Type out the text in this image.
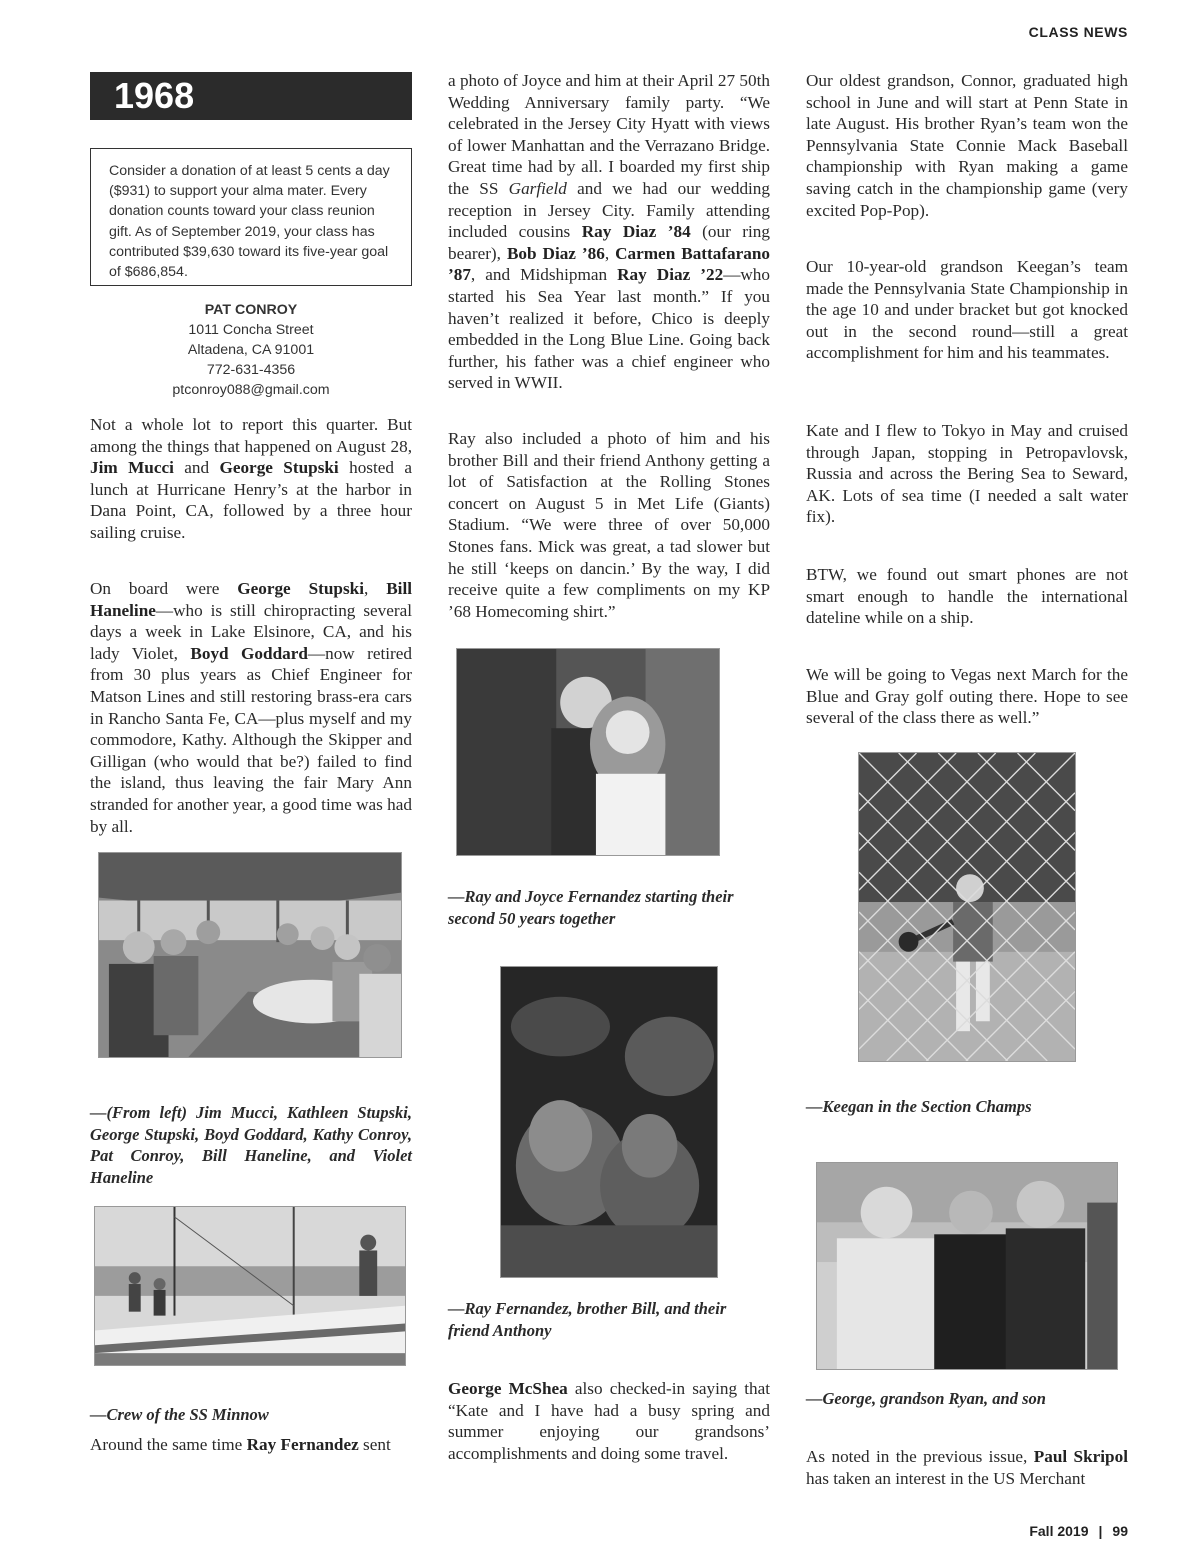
CLASS NEWS
1968
Consider a donation of at least 5 cents a day ($931) to support your alma mater. Every donation counts toward your class reunion gift. As of September 2019, your class has contributed $39,630 toward its five-year goal of $686,854.
PAT CONROY
1011 Concha Street
Altadena, CA 91001
772-631-4356
ptconroy088@gmail.com

Not a whole lot to report this quarter. But among the things that happened on August 28, Jim Mucci and George Stupski hosted a lunch at Hurricane Henry’s at the harbor in Dana Point, CA, followed by a three hour sailing cruise.

On board were George Stupski, Bill Haneline—who is still chiropracting several days a week in Lake Elsinore, CA, and his lady Violet, Boyd Goddard—now retired from 30 plus years as Chief Engineer for Matson Lines and still restoring brass-era cars in Rancho Santa Fe, CA—plus myself and my commodore, Kathy. Although the Skipper and Gilligan (who would that be?) failed to find the island, thus leaving the fair Mary Ann stranded for another year, a good time was had by all.

—(From left) Jim Mucci, Kathleen Stupski, George Stupski, Boyd Goddard, Kathy Conroy, Pat Conroy, Bill Haneline, and Violet Haneline
—Crew of the SS Minnow

Around the same time Ray Fernandez sent

a photo of Joyce and him at their April 27 50th Wedding Anniversary family party. “We celebrated in the Jersey City Hyatt with views of lower Manhattan and the Verrazano Bridge. Great time had by all. I boarded my first ship the SS Garfield and we had our wedding reception in Jersey City. Family attending included cousins Ray Diaz ’84 (our ring bearer), Bob Diaz ’86, Carmen Battafarano ’87, and Midshipman Ray Diaz ’22—who started his Sea Year last month.” If you haven’t realized it before, Chico is deeply embedded in the Long Blue Line. Going back further, his father was a chief engineer who served in WWII.

Ray also included a photo of him and his brother Bill and their friend Anthony getting a lot of Satisfaction at the Rolling Stones concert on August 5 in Met Life (Giants) Stadium. “We were three of over 50,000 Stones fans. Mick was great, a tad slower but he still ‘keeps on dancin.’ By the way, I did receive quite a few compliments on my KP ’68 Homecoming shirt.”

—Ray and Joyce Fernandez starting their second 50 years together
—Ray Fernandez, brother Bill, and their friend Anthony

George McShea also checked-in saying that “Kate and I have had a busy spring and summer enjoying our grandsons’ accomplishments and doing some travel.

Our oldest grandson, Connor, graduated high school in June and will start at Penn State in late August. His brother Ryan’s team won the Pennsylvania State Connie Mack Baseball championship with Ryan making a game saving catch in the championship game (very excited Pop-Pop).

Our 10-year-old grandson Keegan’s team made the Pennsylvania State Championship in the age 10 and under bracket but got knocked out in the second round—still a great accomplishment for him and his teammates.

Kate and I flew to Tokyo in May and cruised through Japan, stopping in Petropavlovsk, Russia and across the Bering Sea to Seward, AK. Lots of sea time (I needed a salt water fix).

BTW, we found out smart phones are not smart enough to handle the international dateline while on a ship.

We will be going to Vegas next March for the Blue and Gray golf outing there. Hope to see several of the class there as well.”

—Keegan in the Section Champs
—George, grandson Ryan, and son

As noted in the previous issue, Paul Skripol has taken an interest in the US Merchant

Fall 2019 | 99
